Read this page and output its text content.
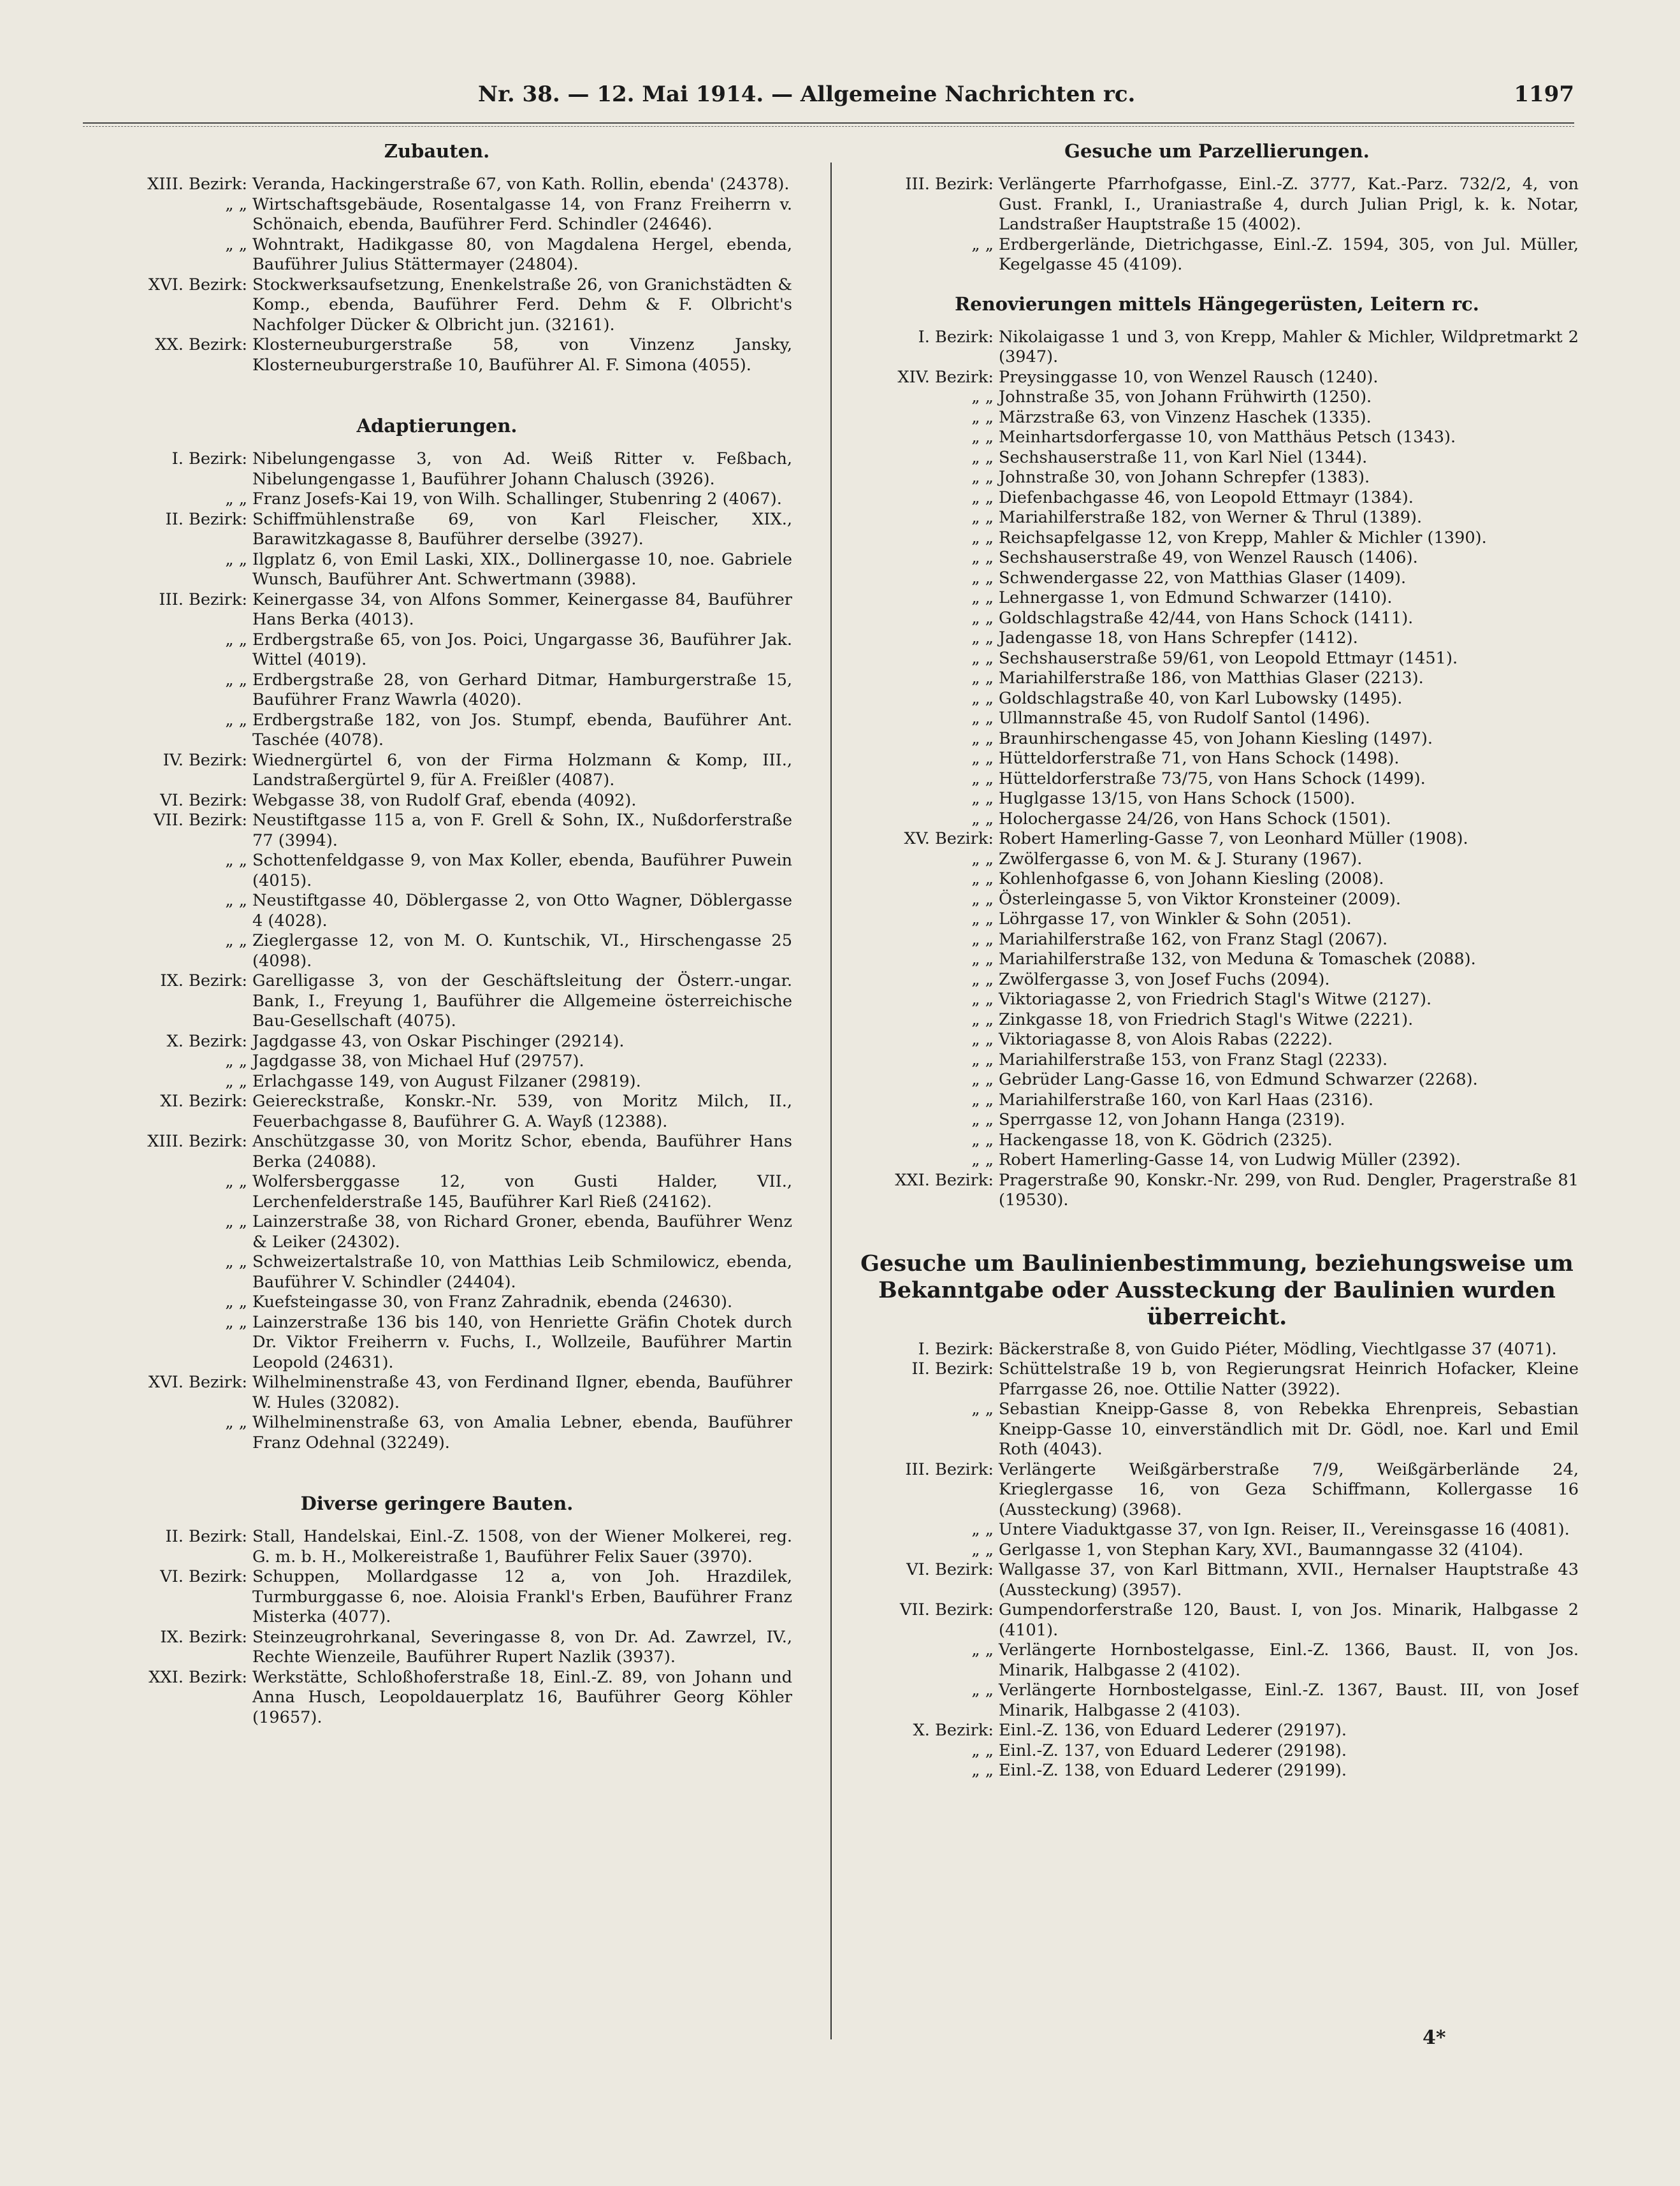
Nr. 38. — 12. Mai 1914. — Allgemeine Nachrichten rc.	1197
Zubauten.
XIII. Bezirk: Veranda, Hackingerstraße 67, von Kath. Rollin, ebenda' (24378).
„ „ Wirtschaftsgebäude, Rosentalgasse 14, von Franz Freiherrn v. Schönaich, ebenda, Bauführer Ferd. Schindler (24646).
„ „ Wohntrakt, Hadikgasse 80, von Magdalena Hergel, ebenda, Bauführer Julius Stättermayer (24804).
XVI. Bezirk: Stockwerksaufsetzung, Enenkelstraße 26, von Granichstädten & Komp., ebenda, Bauführer Ferd. Dehm & F. Olbricht's Nachfolger Dücker & Olbricht jun. (32161).
XX. Bezirk: Klosterneuburgerstraße 58, von Vinzenz Jansky, Klosterneuburgerstraße 10, Bauführer Al. F. Simona (4055).
Adaptierungen.
I. Bezirk: Nibelungengasse 3, von Ad. Weiß Ritter v. Feßbach, Nibelungengasse 1, Bauführer Johann Chalusch (3926).
„ „ Franz Josefs-Kai 19, von Wilh. Schallinger, Stubenring 2 (4067).
II. Bezirk: Schiffmühlenstraße 69, von Karl Fleischer, XIX., Barawitzkagasse 8, Bauführer derselbe (3927).
„ „ Ilgplatz 6, von Emil Laski, XIX., Dollinergasse 10, noe. Gabriele Wunsch, Bauführer Ant. Schwertmann (3988).
III. Bezirk: Keinergasse 34, von Alfons Sommer, Keinergasse 84, Bauführer Hans Berka (4013).
„ „ Erdbergstraße 65, von Jos. Poici, Ungargasse 36, Bauführer Jak. Wittel (4019).
„ „ Erdbergstraße 28, von Gerhard Ditmar, Hamburgerstraße 15, Bauführer Franz Wawrla (4020).
„ „ Erdbergstraße 182, von Jos. Stumpf, ebenda, Bauführer Ant. Taschée (4078).
IV. Bezirk: Wiednergürtel 6, von der Firma Holzmann & Komp, III., Landstraßergürtel 9, für A. Freißler (4087).
VI. Bezirk: Webgasse 38, von Rudolf Graf, ebenda (4092).
VII. Bezirk: Neustiftgasse 115 a, von F. Grell & Sohn, IX., Nußdorferstraße 77 (3994).
„ „ Schottenfeldgasse 9, von Max Koller, ebenda, Bauführer Puwein (4015).
„ „ Neustiftgasse 40, Döblergasse 2, von Otto Wagner, Döblergasse 4 (4028).
„ „ Zieglergasse 12, von M. O. Kuntschik, VI., Hirschengasse 25 (4098).
IX. Bezirk: Garelligasse 3, von der Geschäftsleitung der Österr.-ungar. Bank, I., Freyung 1, Bauführer die Allgemeine österreichische Bau-Gesellschaft (4075).
X. Bezirk: Jagdgasse 43, von Oskar Pischinger (29214).
„ „ Jagdgasse 38, von Michael Huf (29757).
„ „ Erlachgasse 149, von August Filzaner (29819).
XI. Bezirk: Geiereckstraße, Konskr.-Nr. 539, von Moritz Milch, II., Feuerbachgasse 8, Bauführer G. A. Wayß (12388).
XIII. Bezirk: Anschützgasse 30, von Moritz Schor, ebenda, Bauführer Hans Berka (24088).
„ „ Wolfersberggasse 12, von Gusti Halder, VII., Lerchenfelderstraße 145, Bauführer Karl Rieß (24162).
„ „ Lainzerstraße 38, von Richard Groner, ebenda, Bauführer Wenz & Leiker (24302).
„ „ Schweizertalstraße 10, von Matthias Leib Schmilowicz, ebenda, Bauführer V. Schindler (24404).
„ „ Kuefsteingasse 30, von Franz Zahradnik, ebenda (24630).
„ „ Lainzerstraße 136 bis 140, von Henriette Gräfin Chotek durch Dr. Viktor Freiherrn v. Fuchs, I., Wollzeile, Bauführer Martin Leopold (24631).
XVI. Bezirk: Wilhelminenstraße 43, von Ferdinand Ilgner, ebenda, Bauführer W. Hules (32082).
„ „ Wilhelminenstraße 63, von Amalia Lebner, ebenda, Bauführer Franz Odehnal (32249).
Diverse geringere Bauten.
II. Bezirk: Stall, Handelskai, Einl.-Z. 1508, von der Wiener Molkerei, reg. G. m. b. H., Molkereistraße 1, Bauführer Felix Sauer (3970).
VI. Bezirk: Schuppen, Mollardgasse 12 a, von Joh. Hrazdilek, Turmburggasse 6, noe. Aloisia Frankl's Erben, Bauführer Franz Misterka (4077).
IX. Bezirk: Steinzeugrohrkanal, Severingasse 8, von Dr. Ad. Zawrzel, IV., Rechte Wienzeile, Bauführer Rupert Nazlik (3937).
XXI. Bezirk: Werkstätte, Schloßhoferstraße 18, Einl.-Z. 89, von Johann und Anna Husch, Leopoldauerplatz 16, Bauführer Georg Köhler (19657).
Gesuche um Parzellierungen.
III. Bezirk: Verlängerte Pfarrhofgasse, Einl.-Z. 3777, Kat.-Parz. 732/2, 4, von Gust. Frankl, I., Uraniastraße 4, durch Julian Prigl, k. k. Notar, Landstraßer Hauptstraße 15 (4002).
„ „ Erdbergerlände, Dietrichgasse, Einl.-Z. 1594, 305, von Jul. Müller, Kegelgasse 45 (4109).
Renovierungen mittels Hängegerüsten, Leitern rc.
I. Bezirk: Nikolaigasse 1 und 3, von Krepp, Mahler & Michler, Wildpretmarkt 2 (3947).
XIV. Bezirk: Preysinggasse 10, von Wenzel Rausch (1240).
„ „ Johnstraße 35, von Johann Frühwirth (1250).
„ „ Märzstraße 63, von Vinzenz Haschek (1335).
„ „ Meinhartsdorfergasse 10, von Matthäus Petsch (1343).
„ „ Sechshauserstraße 11, von Karl Niel (1344).
„ „ Johnstraße 30, von Johann Schrepfer (1383).
„ „ Diefenbachgasse 46, von Leopold Ettmayr (1384).
„ „ Mariahilferstraße 182, von Werner & Thrul (1389).
„ „ Reichsapfelgasse 12, von Krepp, Mahler & Michler (1390).
„ „ Sechshauserstraße 49, von Wenzel Rausch (1406).
„ „ Schwendergasse 22, von Matthias Glaser (1409).
„ „ Lehnergasse 1, von Edmund Schwarzer (1410).
„ „ Goldschlagstraße 42/44, von Hans Schock (1411).
„ „ Jadengasse 18, von Hans Schrepfer (1412).
„ „ Sechshauserstraße 59/61, von Leopold Ettmayr (1451).
„ „ Mariahilferstraße 186, von Matthias Glaser (2213).
„ „ Goldschlagstraße 40, von Karl Lubowsky (1495).
„ „ Ullmannstraße 45, von Rudolf Santol (1496).
„ „ Braunhirschengasse 45, von Johann Kiesling (1497).
„ „ Hütteldorferstraße 71, von Hans Schock (1498).
„ „ Hütteldorferstraße 73/75, von Hans Schock (1499).
„ „ Huglgasse 13/15, von Hans Schock (1500).
„ „ Holochergasse 24/26, von Hans Schock (1501).
XV. Bezirk: Robert Hamerling-Gasse 7, von Leonhard Müller (1908).
„ „ Zwölfergasse 6, von M. & J. Sturany (1967).
„ „ Kohlenhofgasse 6, von Johann Kiesling (2008).
„ „ Österleingasse 5, von Viktor Kronsteiner (2009).
„ „ Löhrgasse 17, von Winkler & Sohn (2051).
„ „ Mariahilferstraße 162, von Franz Stagl (2067).
„ „ Mariahilferstraße 132, von Meduna & Tomaschek (2088).
„ „ Zwölfergasse 3, von Josef Fuchs (2094).
„ „ Viktoriagasse 2, von Friedrich Stagl's Witwe (2127).
„ „ Zinkgasse 18, von Friedrich Stagl's Witwe (2221).
„ „ Viktoriagasse 8, von Alois Rabas (2222).
„ „ Mariahilferstraße 153, von Franz Stagl (2233).
„ „ Gebrüder Lang-Gasse 16, von Edmund Schwarzer (2268).
„ „ Mariahilferstraße 160, von Karl Haas (2316).
„ „ Sperrgasse 12, von Johann Hanga (2319).
„ „ Hackengasse 18, von K. Gödrich (2325).
„ „ Robert Hamerling-Gasse 14, von Ludwig Müller (2392).
XXI. Bezirk: Pragerstraße 90, Konskr.-Nr. 299, von Rud. Dengler, Pragerstraße 81 (19530).
Gesuche um Baulinienbestimmung, beziehungsweise um Bekanntgabe oder Aussteckung der Baulinien wurden überreicht.
I. Bezirk: Bäckerstraße 8, von Guido Piéter, Mödling, Viechtlgasse 37 (4071).
II. Bezirk: Schüttelstraße 19 b, von Regierungsrat Heinrich Hofacker, Kleine Pfarrgasse 26, noe. Ottilie Natter (3922).
„ „ Sebastian Kneipp-Gasse 8, von Rebekka Ehrenpreis, Sebastian Kneipp-Gasse 10, einverständlich mit Dr. Gödl, noe. Karl und Emil Roth (4043).
III. Bezirk: Verlängerte Weißgärberstraße 7/9, Weißgärberlände 24, Krieglergasse 16, von Geza Schiffmann, Kollergasse 16 (Aussteckung) (3968).
„ „ Untere Viaduktgasse 37, von Ign. Reiser, II., Vereinsgasse 16 (4081).
„ „ Gerlgasse 1, von Stephan Kary, XVI., Baumanngasse 32 (4104).
VI. Bezirk: Wallgasse 37, von Karl Bittmann, XVII., Hernalser Hauptstraße 43 (Aussteckung) (3957).
VII. Bezirk: Gumpendorferstraße 120, Baust. I, von Jos. Minarik, Halbgasse 2 (4101).
„ „ Verlängerte Hornbostelgasse, Einl.-Z. 1366, Baust. II, von Jos. Minarik, Halbgasse 2 (4102).
„ „ Verlängerte Hornbostelgasse, Einl.-Z. 1367, Baust. III, von Josef Minarik, Halbgasse 2 (4103).
X. Bezirk: Einl.-Z. 136, von Eduard Lederer (29197).
„ „ Einl.-Z. 137, von Eduard Lederer (29198).
„ „ Einl.-Z. 138, von Eduard Lederer (29199).
4*
